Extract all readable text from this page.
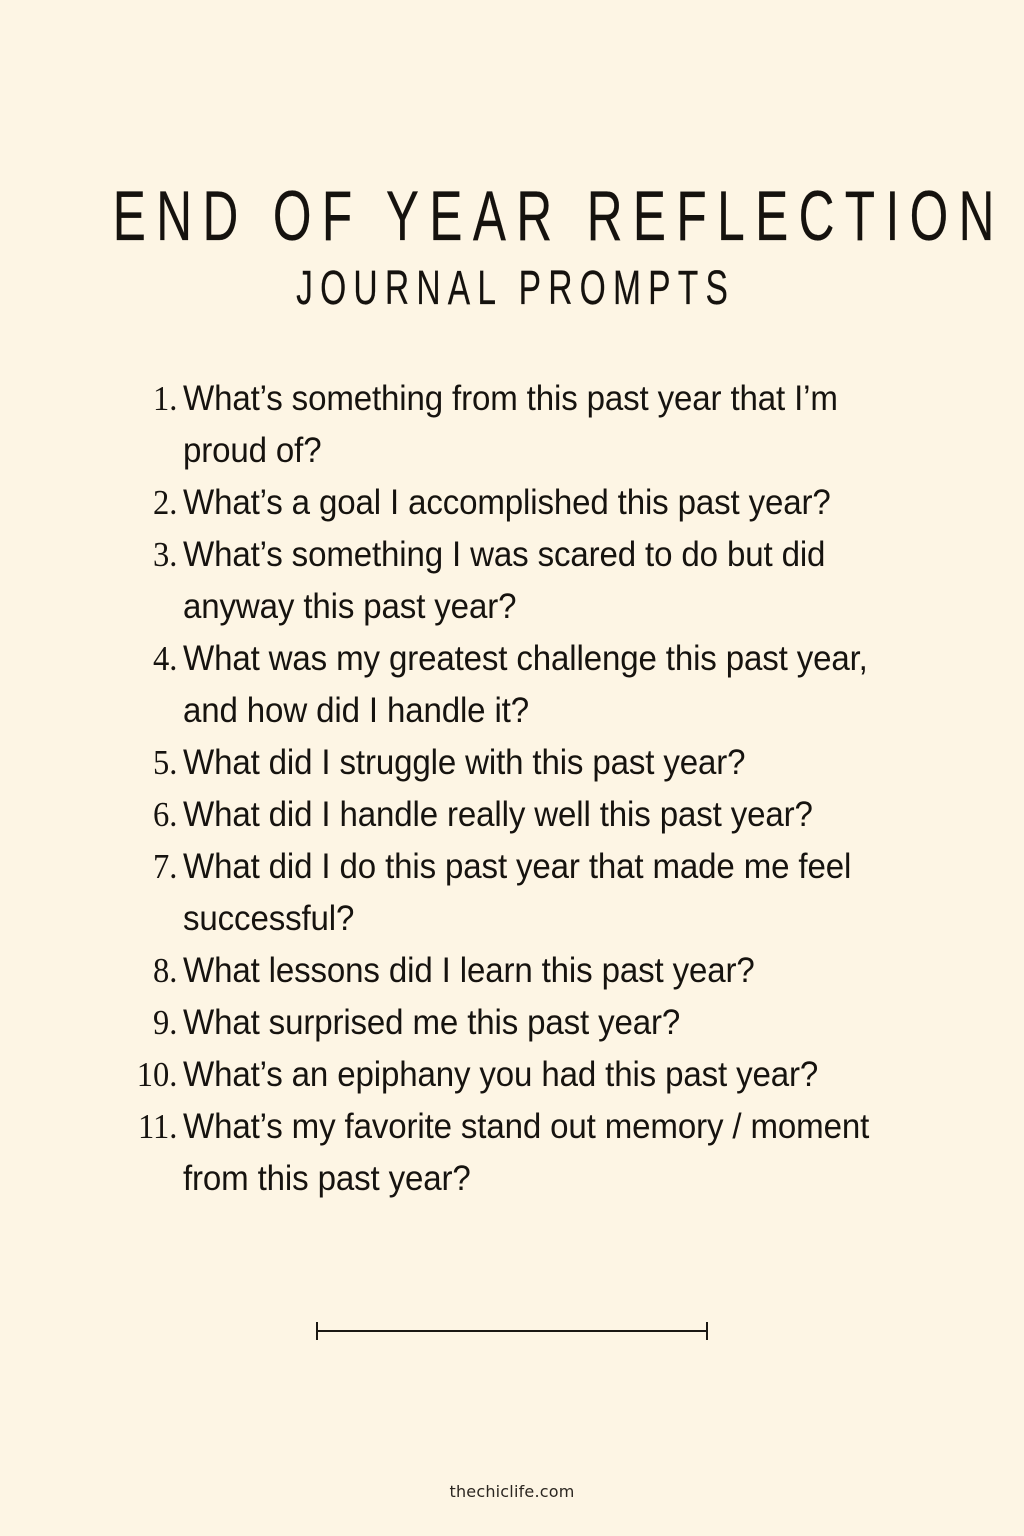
END OF YEAR REFLECTION
JOURNAL PROMPTS
1. What’s something from this past year that I’m proud of?
2. What’s a goal I accomplished this past year?
3. What’s something I was scared to do but did anyway this past year?
4. What was my greatest challenge this past year, and how did I handle it?
5. What did I struggle with this past year?
6. What did I handle really well this past year?
7. What did I do this past year that made me feel successful?
8. What lessons did I learn this past year?
9. What surprised me this past year?
10. What’s an epiphany you had this past year?
11. What’s my favorite stand out memory / moment from this past year?
thechiclife.com
